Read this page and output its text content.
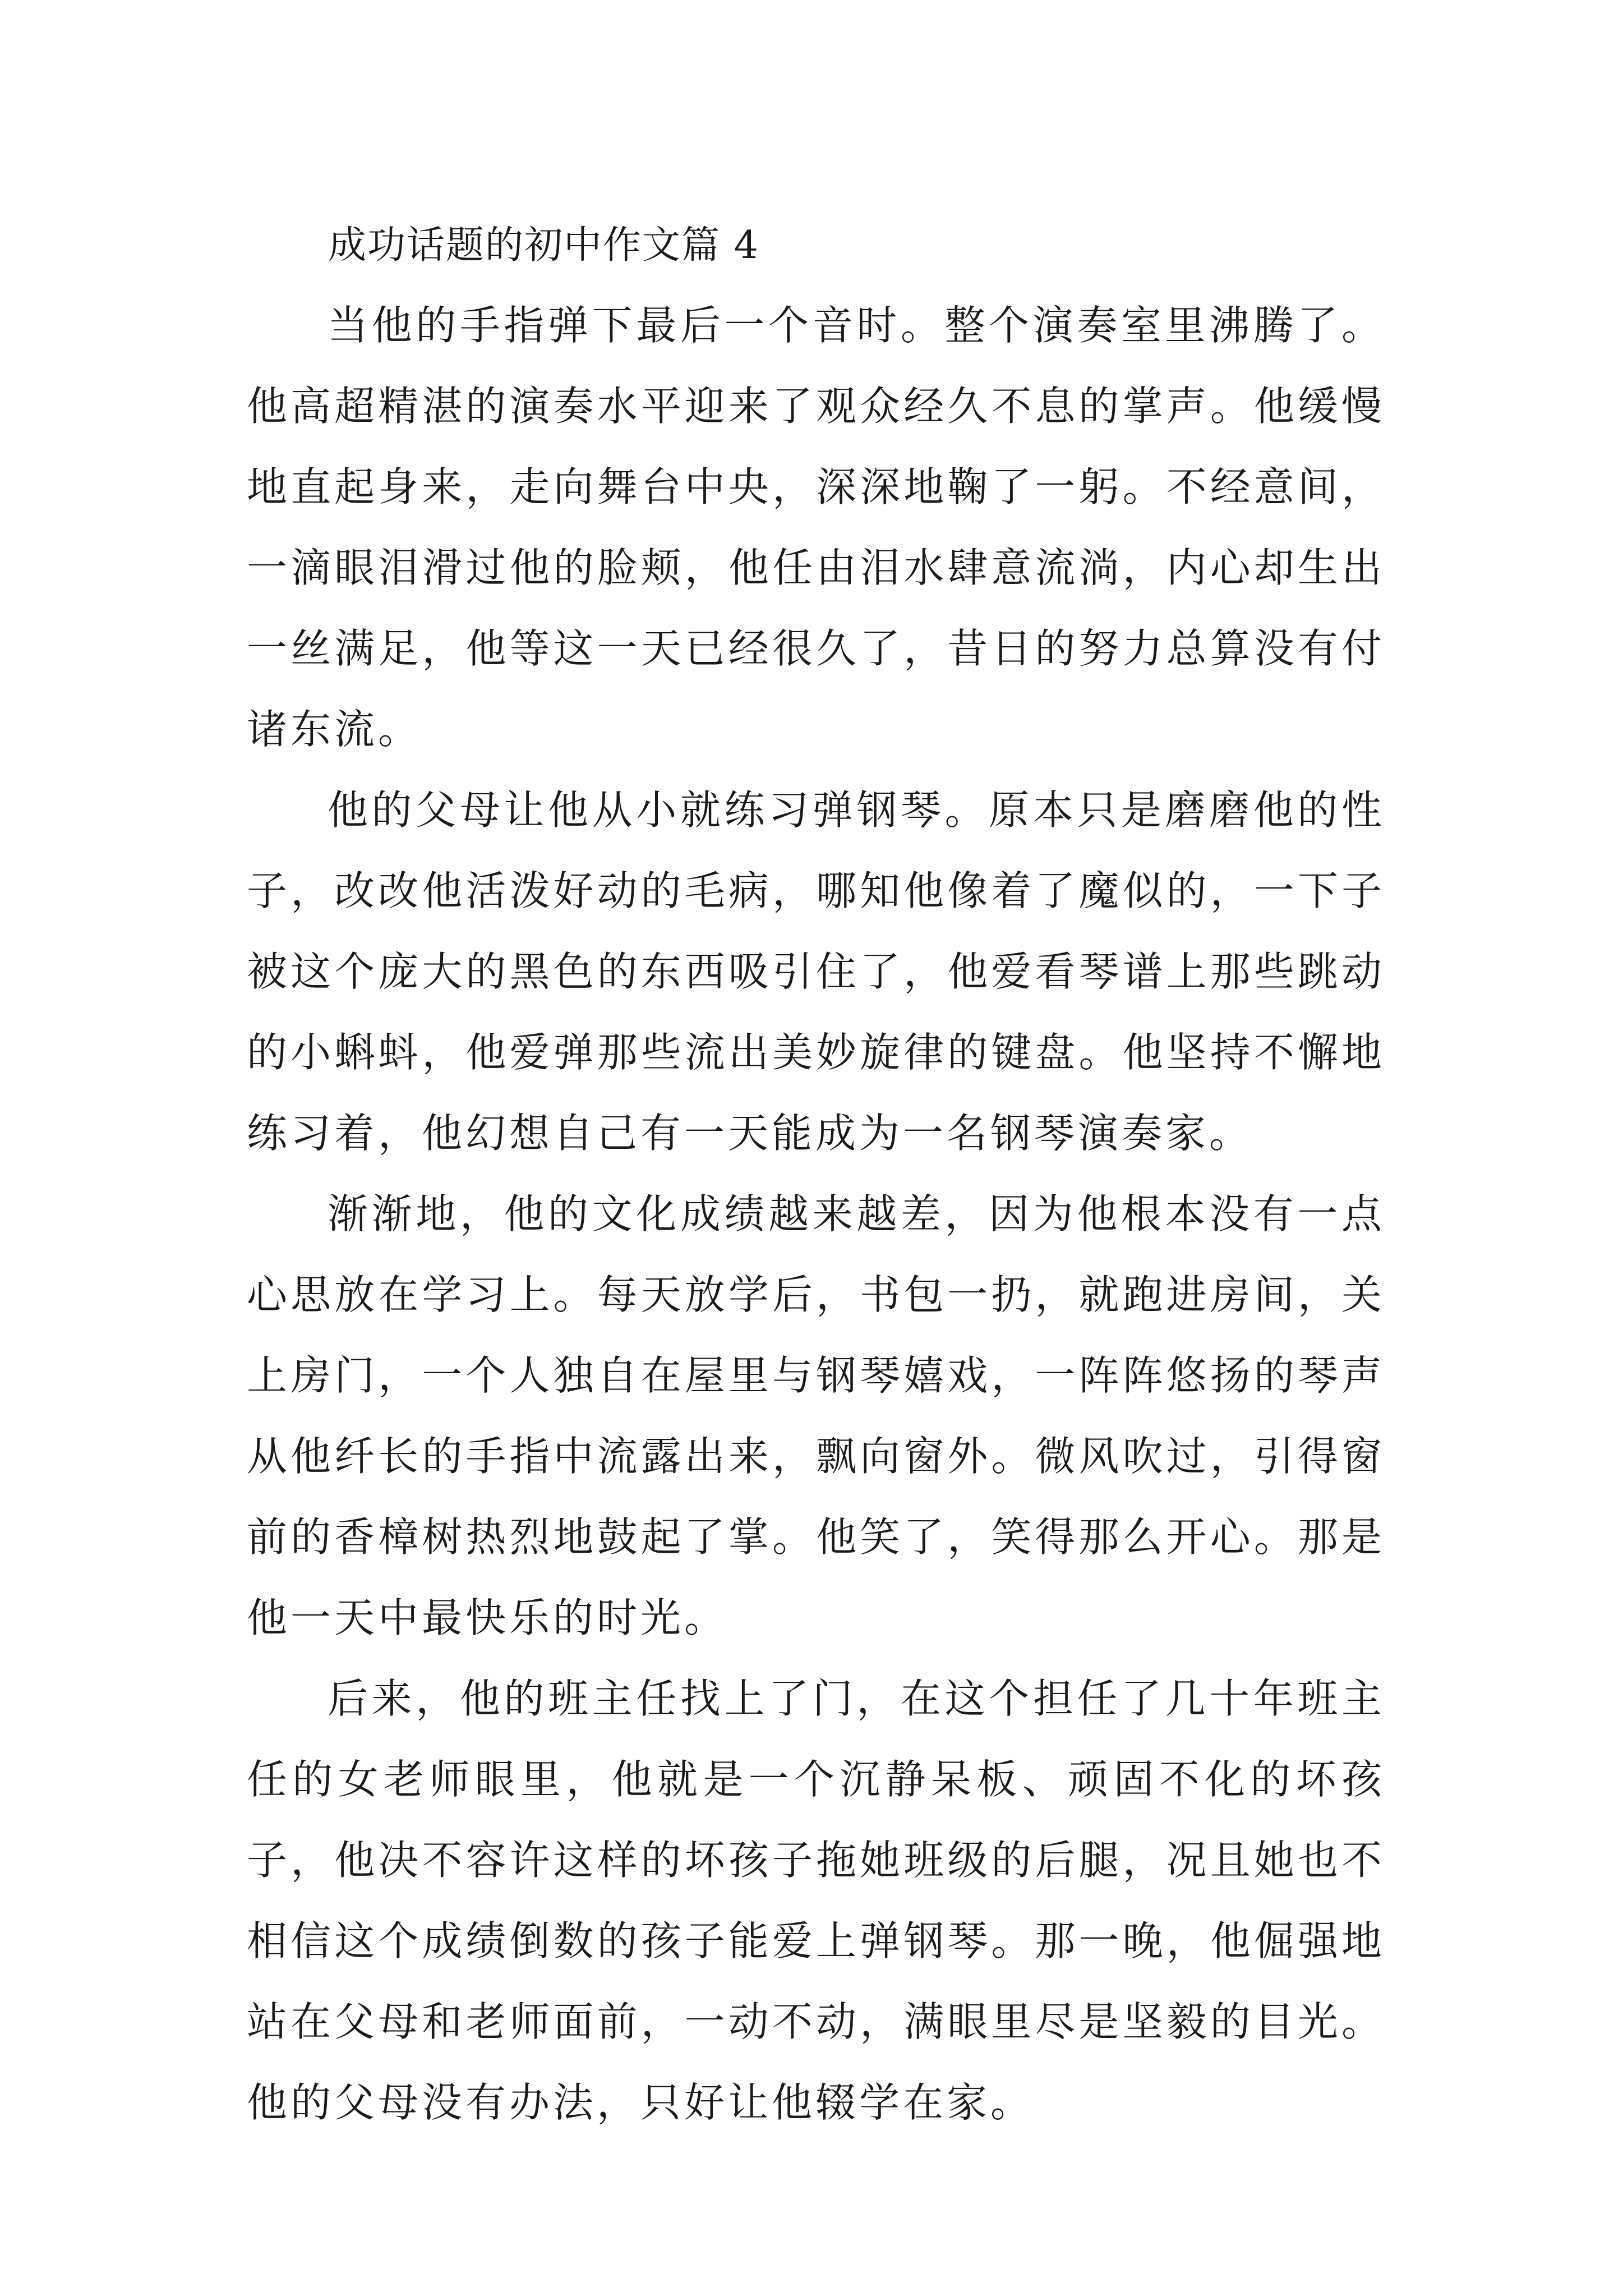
成功话题的初中作文篇 4

当他的手指弹下最后一个音时。整个演奏室里沸腾了。他高超精湛的演奏水平迎来了观众经久不息的掌声。他缓慢地直起身来，走向舞台中央，深深地鞠了一躬。不经意间，一滴眼泪滑过他的脸颊，他任由泪水肆意流淌，内心却生出一丝满足，他等这一天已经很久了，昔日的努力总算没有付诸东流。

他的父母让他从小就练习弹钢琴。原本只是磨磨他的性子，改改他活泼好动的毛病，哪知他像着了魔似的，一下子被这个庞大的黑色的东西吸引住了，他爱看琴谱上那些跳动的小蝌蚪，他爱弹那些流出美妙旋律的键盘。他坚持不懈地练习着，他幻想自己有一天能成为一名钢琴演奏家。

渐渐地，他的文化成绩越来越差，因为他根本没有一点心思放在学习上。每天放学后，书包一扔，就跑进房间，关上房门，一个人独自在屋里与钢琴嬉戏，一阵阵悠扬的琴声从他纤长的手指中流露出来，飘向窗外。微风吹过，引得窗前的香樟树热烈地鼓起了掌。他笑了，笑得那么开心。那是他一天中最快乐的时光。

后来，他的班主任找上了门，在这个担任了几十年班主任的女老师眼里，他就是一个沉静呆板、顽固不化的坏孩子，他决不容许这样的坏孩子拖她班级的后腿，况且她也不相信这个成绩倒数的孩子能爱上弹钢琴。那一晚，他倔强地站在父母和老师面前，一动不动，满眼里尽是坚毅的目光。他的父母没有办法，只好让他辍学在家。
